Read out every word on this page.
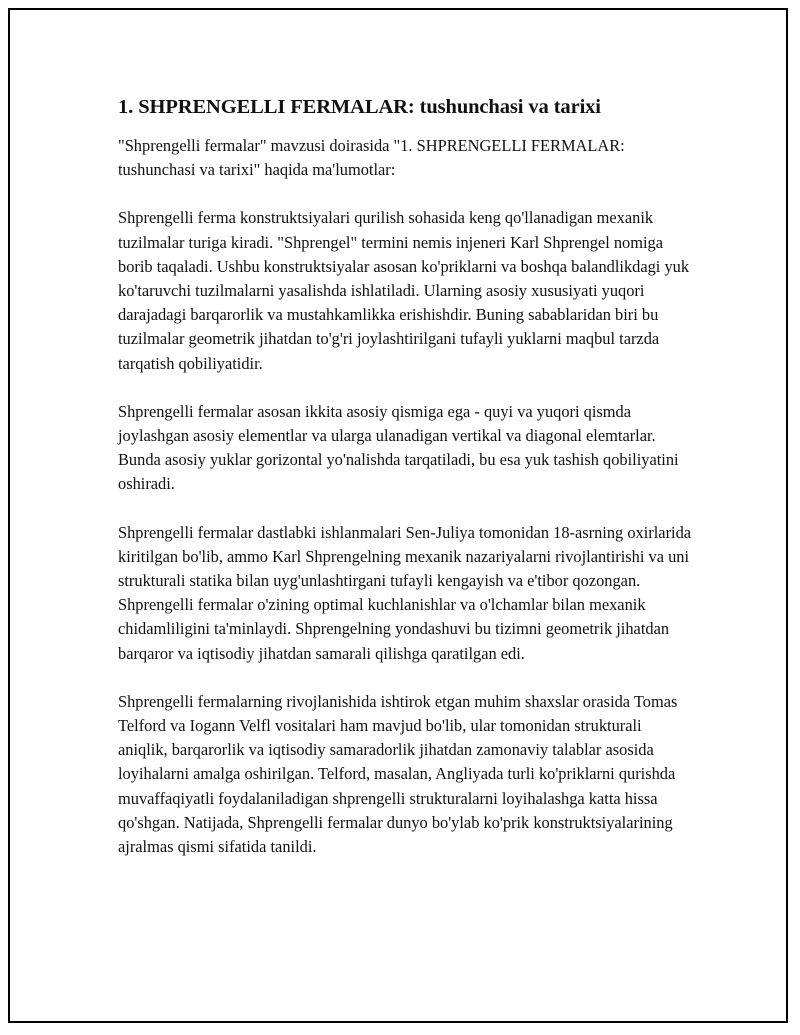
1. SHPRENGELLI FERMALAR: tushunchasi va tarixi

"Shprengelli fermalar" mavzusi doirasida "1. SHPRENGELLI FERMALAR: tushunchasi va tarixi" haqida ma'lumotlar:

Shprengelli ferma konstruktsiyalari qurilish sohasida keng qo'llanadigan mexanik tuzilmalar turiga kiradi. "Shprengel" termini nemis injeneri Karl Shprengel nomiga borib taqaladi. Ushbu konstruktsiyalar asosan ko'priklarni va boshqa balandlikdagi yuk ko'taruvchi tuzilmalarni yasalishda ishlatiladi. Ularning asosiy xususiyati yuqori darajadagi barqarorlik va mustahkamlikka erishishdir. Buning sabablaridan biri bu tuzilmalar geometrik jihatdan to'g'ri joylashtirilgani tufayli yuklarni maqbul tarzda tarqatish qobiliyatidir.

Shprengelli fermalar asosan ikkita asosiy qismiga ega - quyi va yuqori qismda joylashgan asosiy elementlar va ularga ulanadigan vertikal va diagonal elemtarlar. Bunda asosiy yuklar gorizontal yo'nalishda tarqatiladi, bu esa yuk tashish qobiliyatini oshiradi.

Shprengelli fermalar dastlabki ishlanmalari Sen-Juliya tomonidan 18-asrning oxirlarida kiritilgan bo'lib, ammo Karl Shprengelning mexanik nazariyalarni rivojlantirishi va uni strukturali statika bilan uyg'unlashtirgani tufayli kengayish va e'tibor qozongan. Shprengelli fermalar o'zining optimal kuchlanishlar va o'lchamlar bilan mexanik chidamliligini ta'minlaydi. Shprengelning yondashuvi bu tizimni geometrik jihatdan barqaror va iqtisodiy jihatdan samarali qilishga qaratilgan edi.

Shprengelli fermalarning rivojlanishida ishtirok etgan muhim shaxslar orasida Tomas Telford va Iogann Velfl vositalari ham mavjud bo'lib, ular tomonidan strukturali aniqlik, barqarorlik va iqtisodiy samaradorlik jihatdan zamonaviy talablar asosida loyihalarni amalga oshirilgan. Telford, masalan, Angliyada turli ko'priklarni qurishda muvaffaqiyatli foydalaniladigan shprengelli strukturalarni loyihalashga katta hissa qo'shgan. Natijada, Shprengelli fermalar dunyo bo'ylab ko'prik konstruktsiyalarining ajralmas qismi sifatida tanildi.
